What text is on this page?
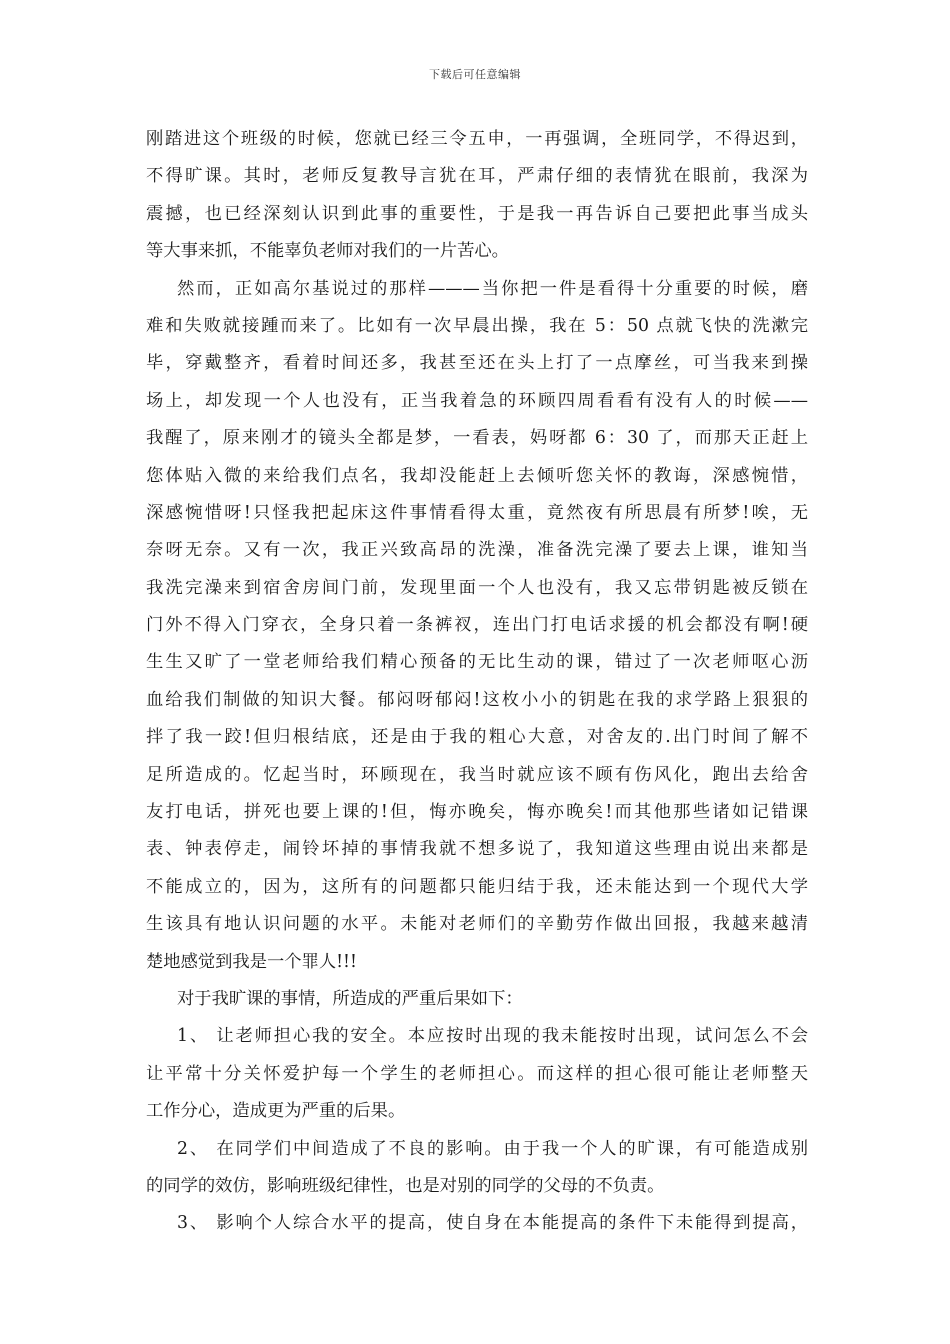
下载后可任意编辑
刚踏进这个班级的时候，您就已经三令五申，一再强调，全班同学，不得迟到，
不得旷课。其时，老师反复教导言犹在耳，严肃仔细的表情犹在眼前，我深为
震撼，也已经深刻认识到此事的重要性，于是我一再告诉自己要把此事当成头
等大事来抓，不能辜负老师对我们的一片苦心。
然而，正如高尔基说过的那样———当你把一件是看得十分重要的时候，磨
难和失败就接踵而来了。比如有一次早晨出操，我在 5：50 点就飞快的洗漱完
毕，穿戴整齐，看着时间还多，我甚至还在头上打了一点摩丝，可当我来到操
场上，却发现一个人也没有，正当我着急的环顾四周看看有没有人的时候——
我醒了，原来刚才的镜头全都是梦，一看表，妈呀都 6：30 了，而那天正赶上
您体贴入微的来给我们点名，我却没能赶上去倾听您关怀的教诲，深感惋惜，
深感惋惜呀!只怪我把起床这件事情看得太重，竟然夜有所思晨有所梦!唉，无
奈呀无奈。又有一次，我正兴致高昂的洗澡，准备洗完澡了要去上课，谁知当
我洗完澡来到宿舍房间门前，发现里面一个人也没有，我又忘带钥匙被反锁在
门外不得入门穿衣，全身只着一条裤衩，连出门打电话求援的机会都没有啊!硬
生生又旷了一堂老师给我们精心预备的无比生动的课，错过了一次老师呕心沥
血给我们制做的知识大餐。郁闷呀郁闷!这枚小小的钥匙在我的求学路上狠狠的
拌了我一跤!但归根结底，还是由于我的粗心大意，对舍友的.出门时间了解不
足所造成的。忆起当时，环顾现在，我当时就应该不顾有伤风化，跑出去给舍
友打电话，拼死也要上课的!但，悔亦晚矣，悔亦晚矣!而其他那些诸如记错课
表、钟表停走，闹铃坏掉的事情我就不想多说了，我知道这些理由说出来都是
不能成立的，因为，这所有的问题都只能归结于我，还未能达到一个现代大学
生该具有地认识问题的水平。未能对老师们的辛勤劳作做出回报，我越来越清
楚地感觉到我是一个罪人!!!
对于我旷课的事情，所造成的严重后果如下：
1、 让老师担心我的安全。本应按时出现的我未能按时出现，试问怎么不会
让平常十分关怀爱护每一个学生的老师担心。而这样的担心很可能让老师整天
工作分心，造成更为严重的后果。
2、 在同学们中间造成了不良的影响。由于我一个人的旷课，有可能造成别
的同学的效仿，影响班级纪律性，也是对别的同学的父母的不负责。
3、 影响个人综合水平的提高，使自身在本能提高的条件下未能得到提高，
